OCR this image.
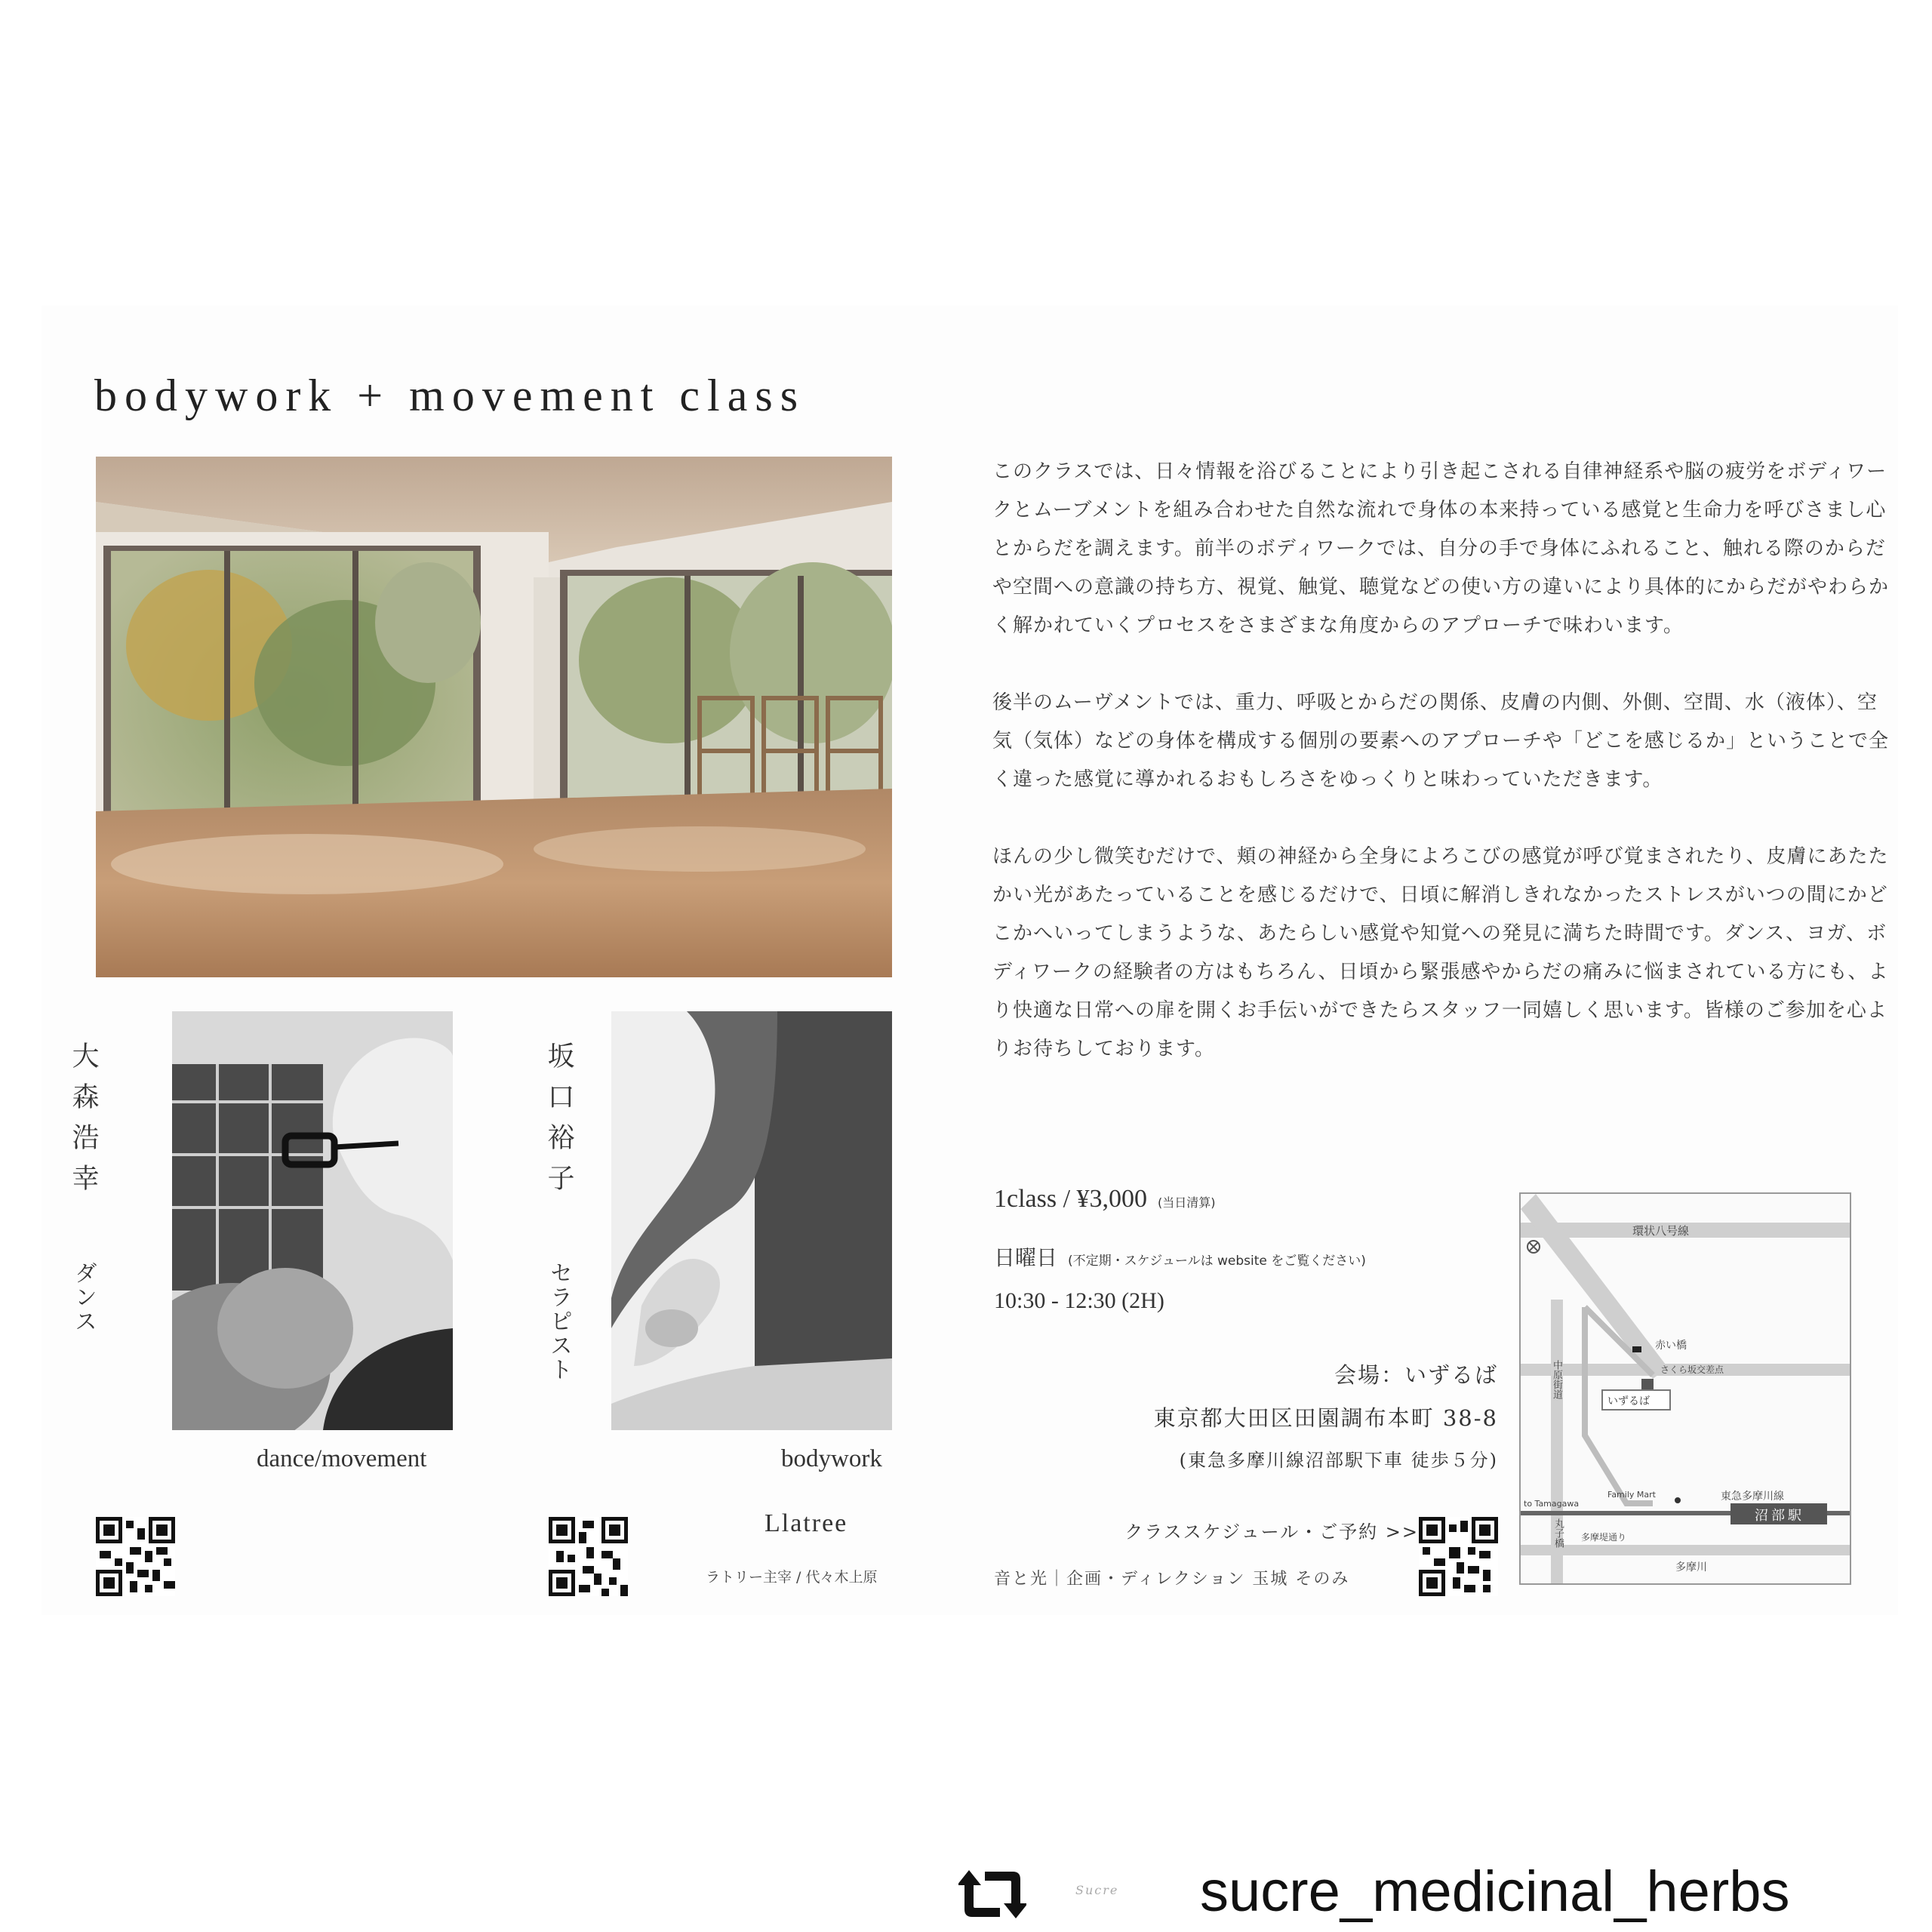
bodywork + movement class
大森浩幸 ダンス
dance/movement
坂口裕子 セラピスト
bodywork
Llatree
ラトリー主宰 / 代々木上原

このクラスでは、日々情報を浴びることにより引き起こされる自律神経系や脳の疲労をボディワークとムーブメントを組み合わせた自然な流れで身体の本来持っている感覚と生命力を呼びさまし心とからだを調えます。前半のボディワークでは、自分の手で身体にふれること、触れる際のからだや空間への意識の持ち方、視覚、触覚、聴覚などの使い方の違いにより具体的にからだがやわらかく解かれていくプロセスをさまざまな角度からのアプローチで味わいます。

後半のムーヴメントでは、重力、呼吸とからだの関係、皮膚の内側、外側、空間、水（液体）、空気（気体）などの身体を構成する個別の要素へのアプローチや「どこを感じるか」ということで全く違った感覚に導かれるおもしろさをゆっくりと味わっていただきます。

ほんの少し微笑むだけで、頬の神経から全身によろこびの感覚が呼び覚まされたり、皮膚にあたたかい光があたっていることを感じるだけで、日頃に解消しきれなかったストレスがいつの間にかどこかへいってしまうような、あたらしい感覚や知覚への発見に満ちた時間です。ダンス、ヨガ、ボディワークの経験者の方はもちろん、日頃から緊張感やからだの痛みに悩まされている方にも、より快適な日常への扉を開くお手伝いができたらスタッフ一同嬉しく思います。皆様のご参加を心よりお待ちしております。

1class / ¥3,000 (当日清算)
日曜日 (不定期・スケジュールは website をご覧ください)
10:30 - 12:30 (2H)
会場：いずるば
東京都大田区田園調布本町 38-8
(東急多摩川線沼部駅下車 徒歩５分)
クラススケジュール・ご予約 >>
音と光｜企画・ディレクション 玉城 そのみ
環状八号線
赤い橋
さくら坂交差点
いずるば
中原街道
Family Mart	東急多摩川線
沼部駅
to Tamagawa
多摩堤通り
丸子橋
多摩川
Sucre sucre_medicinal_herbs
